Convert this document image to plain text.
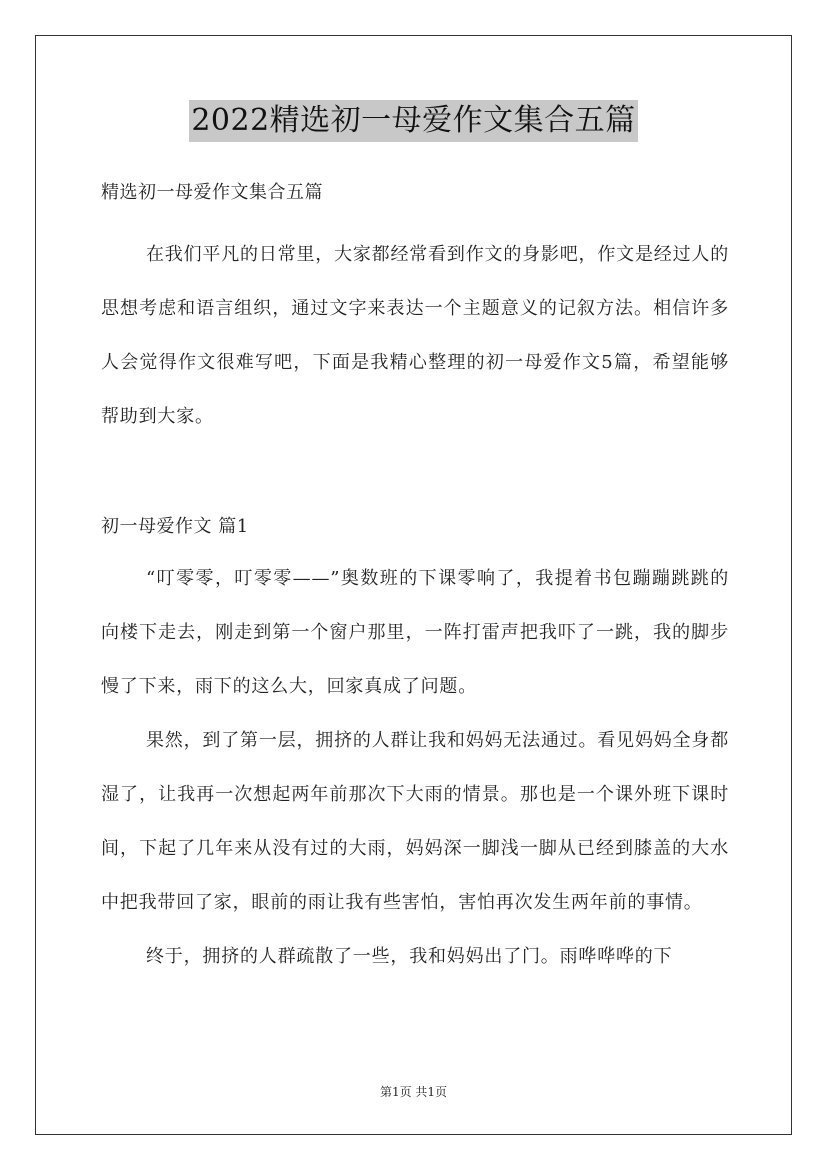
2022精选初一母爱作文集合五篇
精选初一母爱作文集合五篇

在我们平凡的日常里，大家都经常看到作文的身影吧，作文是经过人的思想考虑和语言组织，通过文字来表达一个主题意义的记叙方法。相信许多人会觉得作文很难写吧，下面是我精心整理的初一母爱作文5篇，希望能够帮助到大家。

初一母爱作文 篇1

“叮零零，叮零零——”奥数班的下课零响了，我提着书包蹦蹦跳跳的向楼下走去，刚走到第一个窗户那里，一阵打雷声把我吓了一跳，我的脚步慢了下来，雨下的这么大，回家真成了问题。

果然，到了第一层，拥挤的人群让我和妈妈无法通过。看见妈妈全身都湿了，让我再一次想起两年前那次下大雨的情景。那也是一个课外班下课时间，下起了几年来从没有过的大雨，妈妈深一脚浅一脚从已经到膝盖的大水中把我带回了家，眼前的雨让我有些害怕，害怕再次发生两年前的事情。

终于，拥挤的人群疏散了一些，我和妈妈出了门。雨哗哗哗的下

第1页 共1页
